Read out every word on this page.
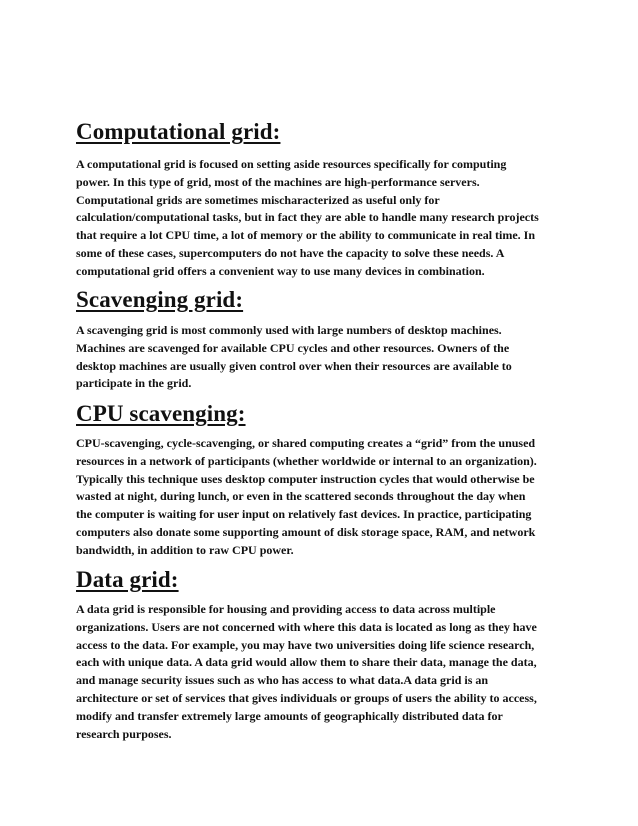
Computational grid:

A computational grid is focused on setting aside resources specifically for computing
power. In this type of grid, most of the machines are high-performance servers.
Computational grids are sometimes mischaracterized as useful only for
calculation/computational tasks, but in fact they are able to handle many research projects
that require a lot CPU time, a lot of memory or the ability to communicate in real time. In
some of these cases, supercomputers do not have the capacity to solve these needs. A
computational grid offers a convenient way to use many devices in combination.

Scavenging grid:

A scavenging grid is most commonly used with large numbers of desktop machines.
Machines are scavenged for available CPU cycles and other resources. Owners of the
desktop machines are usually given control over when their resources are available to
participate in the grid.

CPU scavenging:

CPU-scavenging, cycle-scavenging, or shared computing creates a “grid” from the unused
resources in a network of participants (whether worldwide or internal to an organization).
Typically this technique uses desktop computer instruction cycles that would otherwise be
wasted at night, during lunch, or even in the scattered seconds throughout the day when
the computer is waiting for user input on relatively fast devices. In practice, participating
computers also donate some supporting amount of disk storage space, RAM, and network
bandwidth, in addition to raw CPU power.

Data grid:

A data grid is responsible for housing and providing access to data across multiple
organizations. Users are not concerned with where this data is located as long as they have
access to the data. For example, you may have two universities doing life science research,
each with unique data. A data grid would allow them to share their data, manage the data,
and manage security issues such as who has access to what data.A data grid is an
architecture or set of services that gives individuals or groups of users the ability to access,
modify and transfer extremely large amounts of geographically distributed data for
research purposes.
